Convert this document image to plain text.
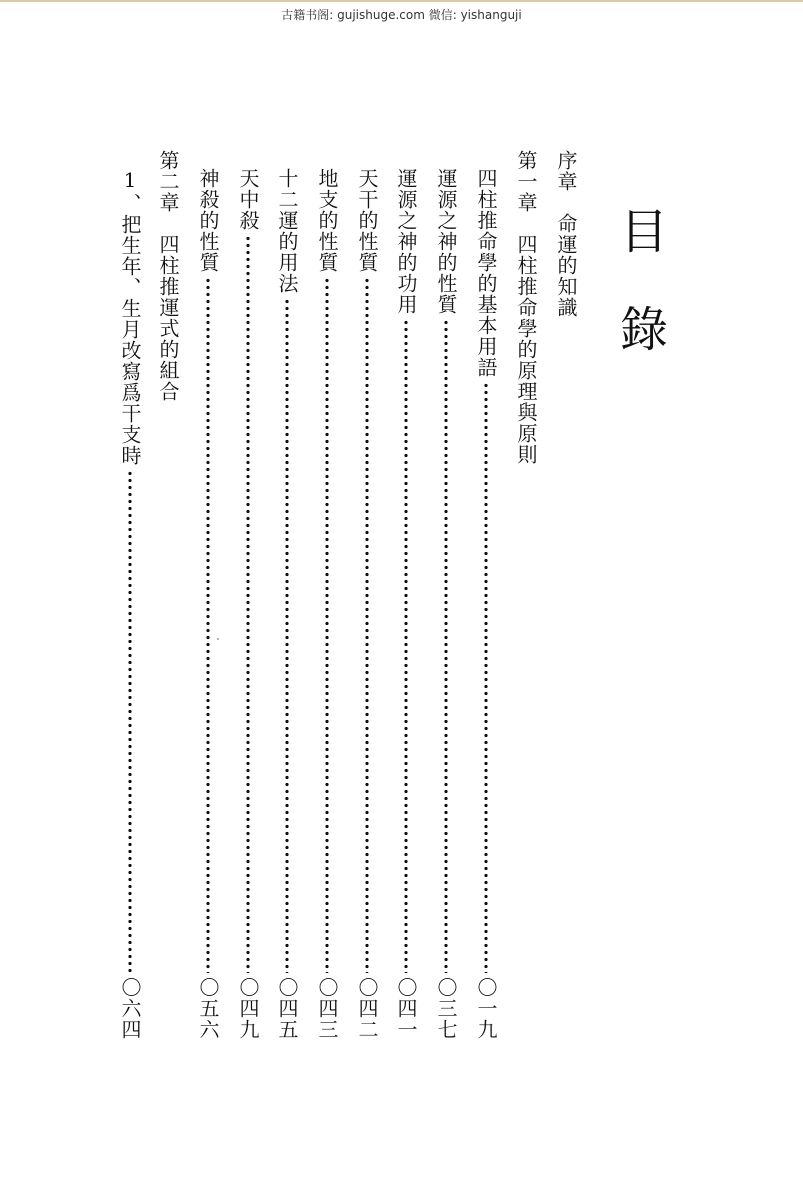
古籍书阁: gujishuge.com 微信: yishanguji
目
錄
序章　命運的知識
第一章　四柱推命學的原理與原則
四柱推命學的基本用語
〇一九
運源之神的性質
〇三七
運源之神的功用
〇四一
天干的性質
〇四二
地支的性質
〇四三
十二運的用法
〇四五
天中殺
〇四九
神殺的性質
〇五六
第二章　四柱推運式的組合
1、把生年、生月改寫爲干支時
〇六四
